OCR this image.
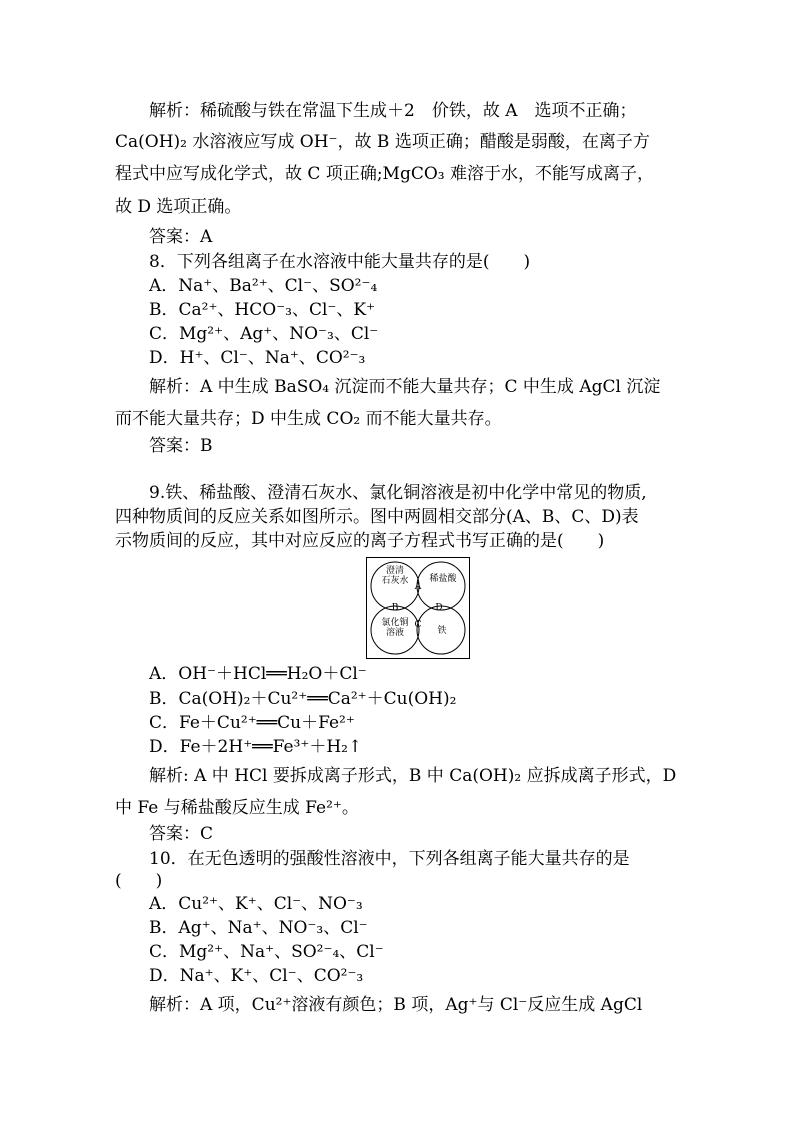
解析：稀硫酸与铁在常温下生成＋2　价铁，故 A　选项不正确；
Ca(OH)₂ 水溶液应写成 OH⁻，故 B 选项正确；醋酸是弱酸，在离子方
程式中应写成化学式，故 C 项正确;MgCO₃ 难溶于水，不能写成离子，
故 D 选项正确。
答案：A
8．下列各组离子在水溶液中能大量共存的是(　　)
A．Na⁺、Ba²⁺、Cl⁻、SO²⁻₄
B．Ca²⁺、HCO⁻₃、Cl⁻、K⁺
C．Mg²⁺、Ag⁺、NO⁻₃、Cl⁻
D．H⁺、Cl⁻、Na⁺、CO²⁻₃
解析：A 中生成 BaSO₄ 沉淀而不能大量共存；C 中生成 AgCl 沉淀
而不能大量共存；D 中生成 CO₂ 而不能大量共存。
答案：B
9.铁、稀盐酸、澄清石灰水、氯化铜溶液是初中化学中常见的物质,
四种物质间的反应关系如图所示。图中两圆相交部分(A、B、C、D)表
示物质间的反应，其中对应反应的离子方程式书写正确的是(　　)
澄清
石灰水	稀盐酸
氯化铜
溶液	铁
A
B
C
D
A．OH⁻＋HCl══H₂O＋Cl⁻
B．Ca(OH)₂＋Cu²⁺══Ca²⁺＋Cu(OH)₂
C．Fe＋Cu²⁺══Cu＋Fe²⁺
D．Fe＋2H⁺══Fe³⁺＋H₂↑
解析: A 中 HCl 要拆成离子形式，B 中 Ca(OH)₂ 应拆成离子形式，D
中 Fe 与稀盐酸反应生成 Fe²⁺。
答案：C
10．在无色透明的强酸性溶液中，下列各组离子能大量共存的是
(　　)
A．Cu²⁺、K⁺、Cl⁻、NO⁻₃
B．Ag⁺、Na⁺、NO⁻₃、Cl⁻
C．Mg²⁺、Na⁺、SO²⁻₄、Cl⁻
D．Na⁺、K⁺、Cl⁻、CO²⁻₃
解析：A 项，Cu²⁺溶液有颜色；B 项，Ag⁺与 Cl⁻反应生成 AgCl
